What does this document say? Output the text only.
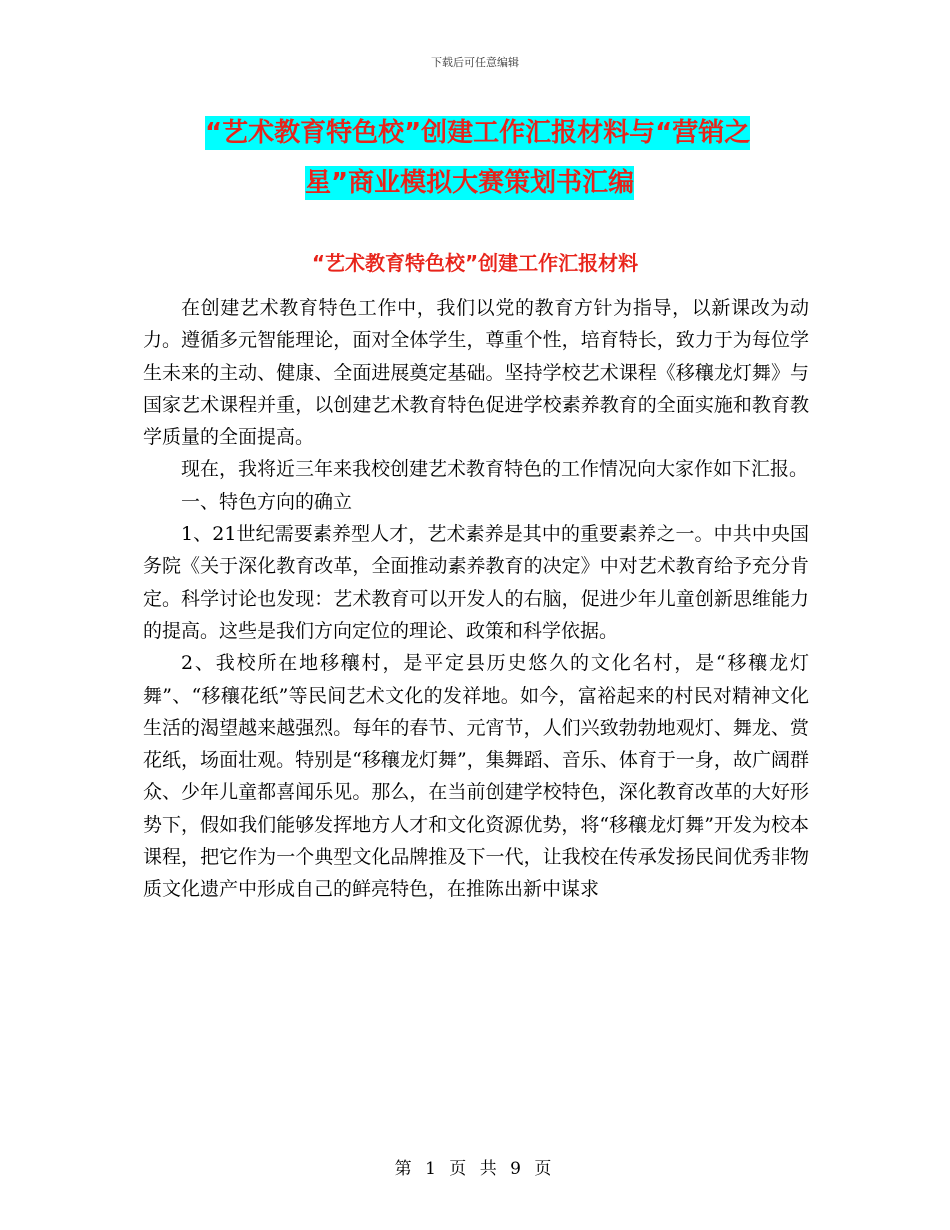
下载后可任意编辑
“艺术教育特色校”创建工作汇报材料与“营销之
星”商业模拟大赛策划书汇编
“艺术教育特色校”创建工作汇报材料

在创建艺术教育特色工作中，我们以党的教育方针为指导，以新课改为动力。遵循多元智能理论，面对全体学生，尊重个性，培育特长，致力于为每位学生未来的主动、健康、全面进展奠定基础。坚持学校艺术课程《移穰龙灯舞》与国家艺术课程并重，以创建艺术教育特色促进学校素养教育的全面实施和教育教学质量的全面提高。

现在，我将近三年来我校创建艺术教育特色的工作情况向大家作如下汇报。

一、特色方向的确立

1、21世纪需要素养型人才，艺术素养是其中的重要素养之一。中共中央国务院《关于深化教育改革，全面推动素养教育的决定》中对艺术教育给予充分肯定。科学讨论也发现：艺术教育可以开发人的右脑，促进少年儿童创新思维能力的提高。这些是我们方向定位的理论、政策和科学依据。

2、我校所在地移穰村，是平定县历史悠久的文化名村，是“移穰龙灯舞”、“移穰花纸”等民间艺术文化的发祥地。如今，富裕起来的村民对精神文化生活的渴望越来越强烈。每年的春节、元宵节，人们兴致勃勃地观灯、舞龙、赏花纸，场面壮观。特别是“移穰龙灯舞”，集舞蹈、音乐、体育于一身，故广阔群众、少年儿童都喜闻乐见。那么，在当前创建学校特色，深化教育改革的大好形势下，假如我们能够发挥地方人才和文化资源优势，将“移穰龙灯舞”开发为校本课程，把它作为一个典型文化品牌推及下一代，让我校在传承发扬民间优秀非物质文化遗产中形成自己的鲜亮特色，在推陈出新中谋求

第 1 页 共 9 页
